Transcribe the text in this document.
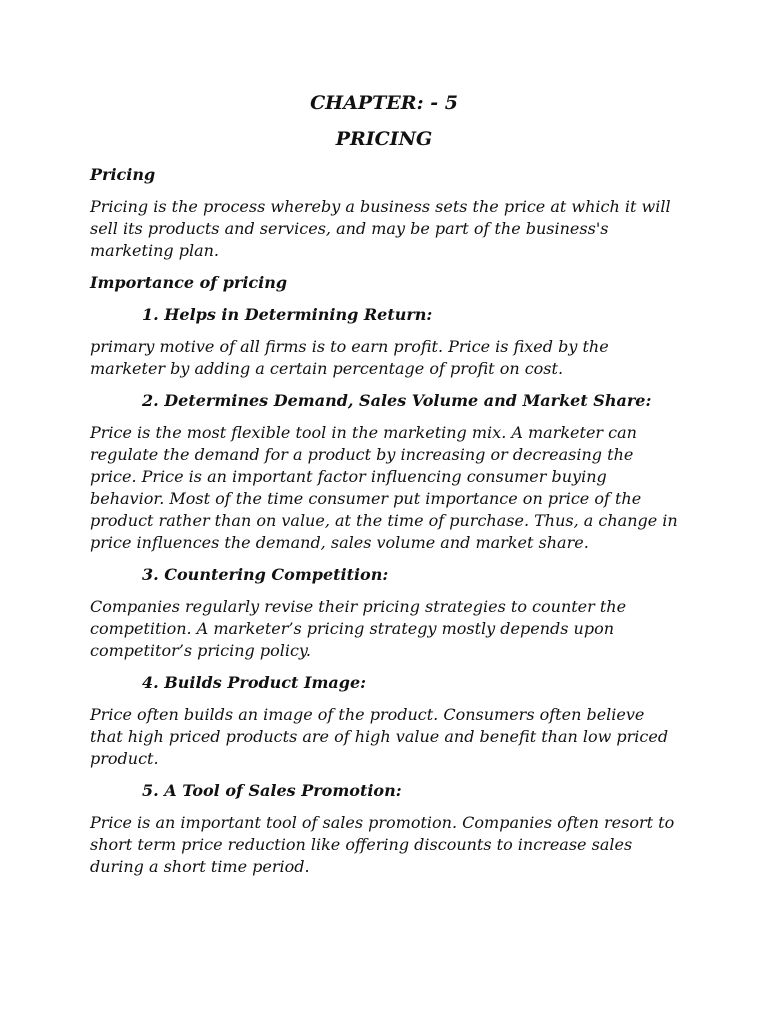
CHAPTER: - 5
PRICING
Pricing
Pricing is the process whereby a business sets the price at which it will sell its products and services, and may be part of the business's marketing plan.
Importance of pricing
1. Helps in Determining Return:
primary motive of all firms is to earn profit. Price is fixed by the marketer by adding a certain percentage of profit on cost.
2. Determines Demand, Sales Volume and Market Share:
Price is the most flexible tool in the marketing mix. A marketer can regulate the demand for a product by increasing or decreasing the price. Price is an important factor influencing consumer buying behavior. Most of the time consumer put importance on price of the product rather than on value, at the time of purchase. Thus, a change in price influences the demand, sales volume and market share.
3. Countering Competition:
Companies regularly revise their pricing strategies to counter the competition. A marketer’s pricing strategy mostly depends upon competitor’s pricing policy.
4. Builds Product Image:
Price often builds an image of the product. Consumers often believe that high priced products are of high value and benefit than low priced product.
5. A Tool of Sales Promotion:
Price is an important tool of sales promotion. Companies often resort to short term price reduction like offering discounts to increase sales during a short time period.
